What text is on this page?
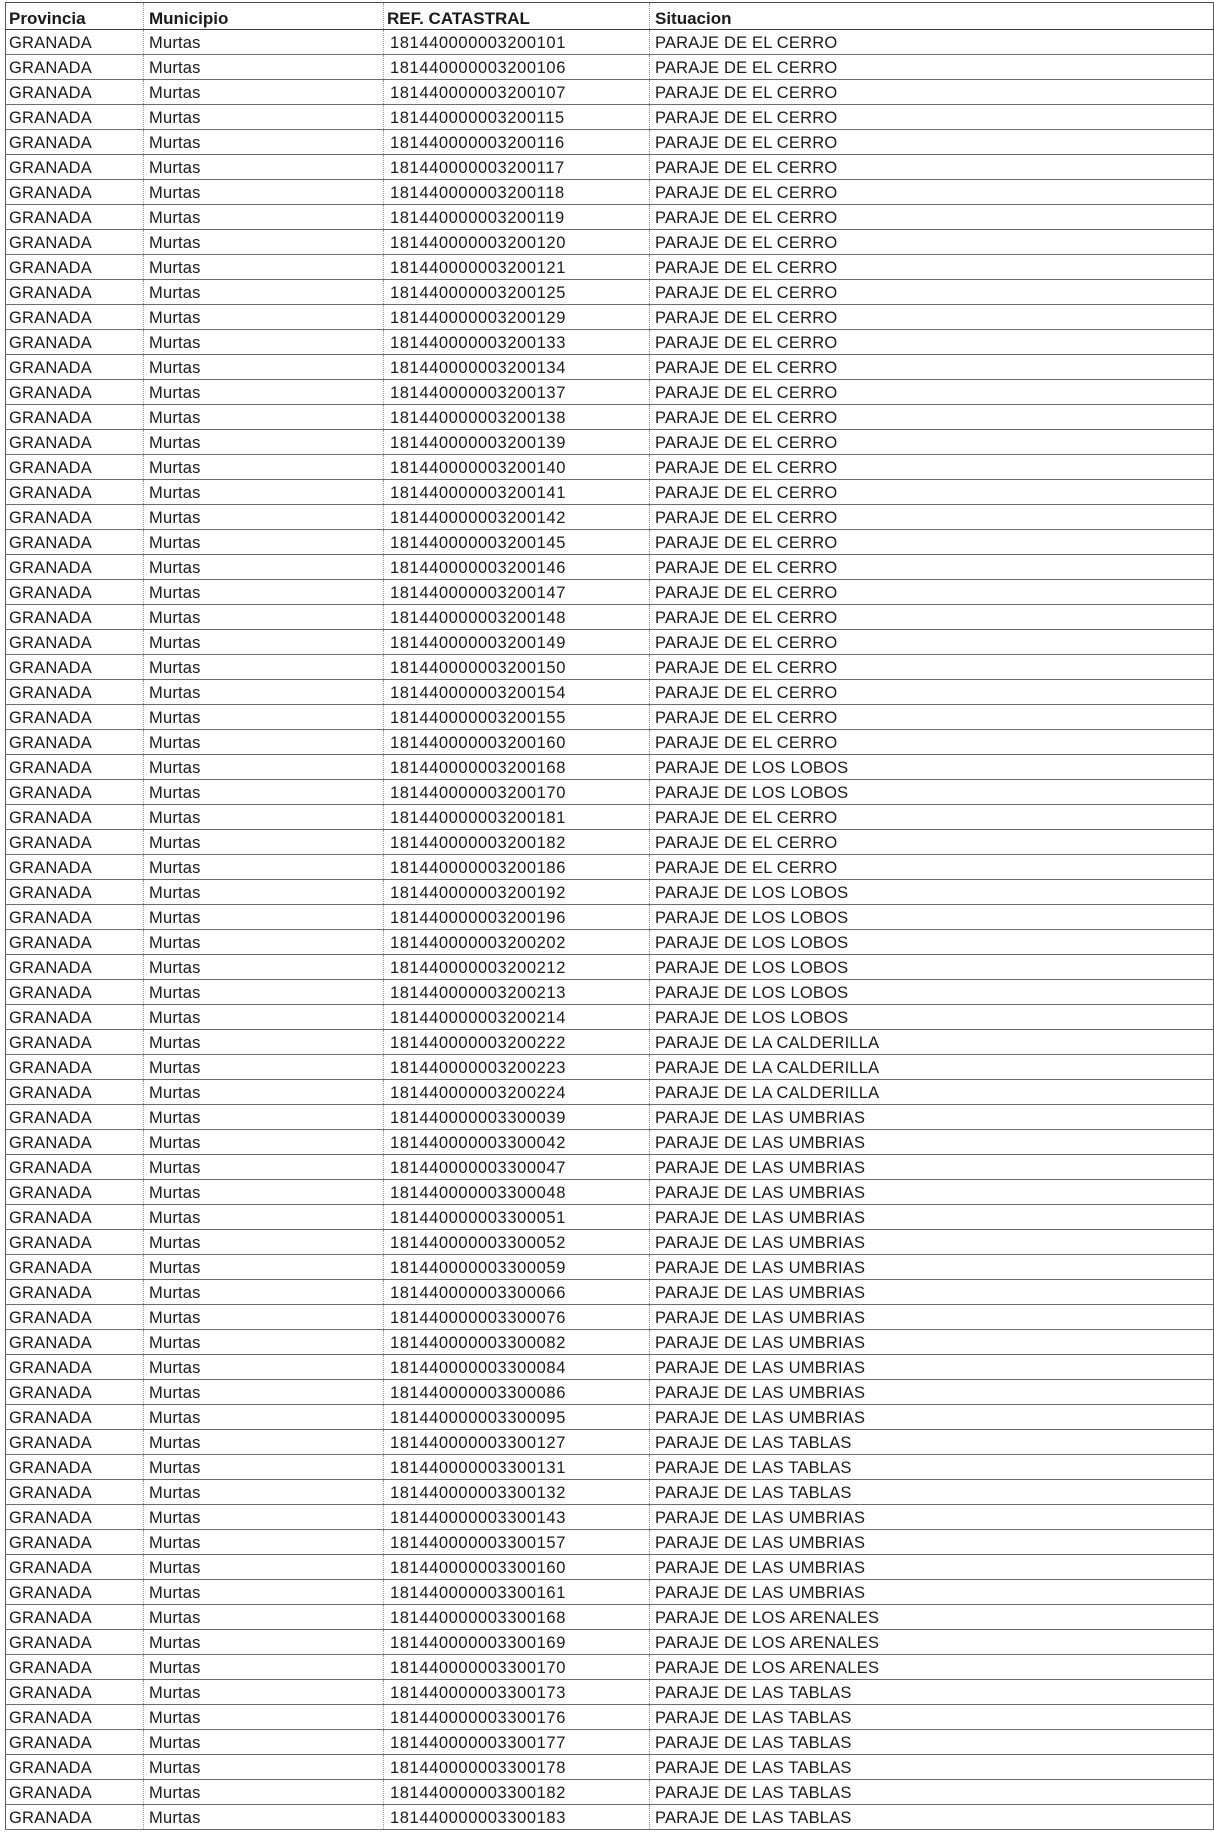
Provincia	Municipio	REF. CATASTRAL	Situacion
GRANADA	Murtas	181440000003200101	PARAJE DE EL CERRO
GRANADA	Murtas	181440000003200106	PARAJE DE EL CERRO
GRANADA	Murtas	181440000003200107	PARAJE DE EL CERRO
GRANADA	Murtas	181440000003200115	PARAJE DE EL CERRO
GRANADA	Murtas	181440000003200116	PARAJE DE EL CERRO
GRANADA	Murtas	181440000003200117	PARAJE DE EL CERRO
GRANADA	Murtas	181440000003200118	PARAJE DE EL CERRO
GRANADA	Murtas	181440000003200119	PARAJE DE EL CERRO
GRANADA	Murtas	181440000003200120	PARAJE DE EL CERRO
GRANADA	Murtas	181440000003200121	PARAJE DE EL CERRO
GRANADA	Murtas	181440000003200125	PARAJE DE EL CERRO
GRANADA	Murtas	181440000003200129	PARAJE DE EL CERRO
GRANADA	Murtas	181440000003200133	PARAJE DE EL CERRO
GRANADA	Murtas	181440000003200134	PARAJE DE EL CERRO
GRANADA	Murtas	181440000003200137	PARAJE DE EL CERRO
GRANADA	Murtas	181440000003200138	PARAJE DE EL CERRO
GRANADA	Murtas	181440000003200139	PARAJE DE EL CERRO
GRANADA	Murtas	181440000003200140	PARAJE DE EL CERRO
GRANADA	Murtas	181440000003200141	PARAJE DE EL CERRO
GRANADA	Murtas	181440000003200142	PARAJE DE EL CERRO
GRANADA	Murtas	181440000003200145	PARAJE DE EL CERRO
GRANADA	Murtas	181440000003200146	PARAJE DE EL CERRO
GRANADA	Murtas	181440000003200147	PARAJE DE EL CERRO
GRANADA	Murtas	181440000003200148	PARAJE DE EL CERRO
GRANADA	Murtas	181440000003200149	PARAJE DE EL CERRO
GRANADA	Murtas	181440000003200150	PARAJE DE EL CERRO
GRANADA	Murtas	181440000003200154	PARAJE DE EL CERRO
GRANADA	Murtas	181440000003200155	PARAJE DE EL CERRO
GRANADA	Murtas	181440000003200160	PARAJE DE EL CERRO
GRANADA	Murtas	181440000003200168	PARAJE DE LOS LOBOS
GRANADA	Murtas	181440000003200170	PARAJE DE LOS LOBOS
GRANADA	Murtas	181440000003200181	PARAJE DE EL CERRO
GRANADA	Murtas	181440000003200182	PARAJE DE EL CERRO
GRANADA	Murtas	181440000003200186	PARAJE DE EL CERRO
GRANADA	Murtas	181440000003200192	PARAJE DE LOS LOBOS
GRANADA	Murtas	181440000003200196	PARAJE DE LOS LOBOS
GRANADA	Murtas	181440000003200202	PARAJE DE LOS LOBOS
GRANADA	Murtas	181440000003200212	PARAJE DE LOS LOBOS
GRANADA	Murtas	181440000003200213	PARAJE DE LOS LOBOS
GRANADA	Murtas	181440000003200214	PARAJE DE LOS LOBOS
GRANADA	Murtas	181440000003200222	PARAJE DE LA CALDERILLA
GRANADA	Murtas	181440000003200223	PARAJE DE LA CALDERILLA
GRANADA	Murtas	181440000003200224	PARAJE DE LA CALDERILLA
GRANADA	Murtas	181440000003300039	PARAJE DE LAS UMBRIAS
GRANADA	Murtas	181440000003300042	PARAJE DE LAS UMBRIAS
GRANADA	Murtas	181440000003300047	PARAJE DE LAS UMBRIAS
GRANADA	Murtas	181440000003300048	PARAJE DE LAS UMBRIAS
GRANADA	Murtas	181440000003300051	PARAJE DE LAS UMBRIAS
GRANADA	Murtas	181440000003300052	PARAJE DE LAS UMBRIAS
GRANADA	Murtas	181440000003300059	PARAJE DE LAS UMBRIAS
GRANADA	Murtas	181440000003300066	PARAJE DE LAS UMBRIAS
GRANADA	Murtas	181440000003300076	PARAJE DE LAS UMBRIAS
GRANADA	Murtas	181440000003300082	PARAJE DE LAS UMBRIAS
GRANADA	Murtas	181440000003300084	PARAJE DE LAS UMBRIAS
GRANADA	Murtas	181440000003300086	PARAJE DE LAS UMBRIAS
GRANADA	Murtas	181440000003300095	PARAJE DE LAS UMBRIAS
GRANADA	Murtas	181440000003300127	PARAJE DE LAS TABLAS
GRANADA	Murtas	181440000003300131	PARAJE DE LAS TABLAS
GRANADA	Murtas	181440000003300132	PARAJE DE LAS TABLAS
GRANADA	Murtas	181440000003300143	PARAJE DE LAS UMBRIAS
GRANADA	Murtas	181440000003300157	PARAJE DE LAS UMBRIAS
GRANADA	Murtas	181440000003300160	PARAJE DE LAS UMBRIAS
GRANADA	Murtas	181440000003300161	PARAJE DE LAS UMBRIAS
GRANADA	Murtas	181440000003300168	PARAJE DE LOS ARENALES
GRANADA	Murtas	181440000003300169	PARAJE DE LOS ARENALES
GRANADA	Murtas	181440000003300170	PARAJE DE LOS ARENALES
GRANADA	Murtas	181440000003300173	PARAJE DE LAS TABLAS
GRANADA	Murtas	181440000003300176	PARAJE DE LAS TABLAS
GRANADA	Murtas	181440000003300177	PARAJE DE LAS TABLAS
GRANADA	Murtas	181440000003300178	PARAJE DE LAS TABLAS
GRANADA	Murtas	181440000003300182	PARAJE DE LAS TABLAS
GRANADA	Murtas	181440000003300183	PARAJE DE LAS TABLAS
